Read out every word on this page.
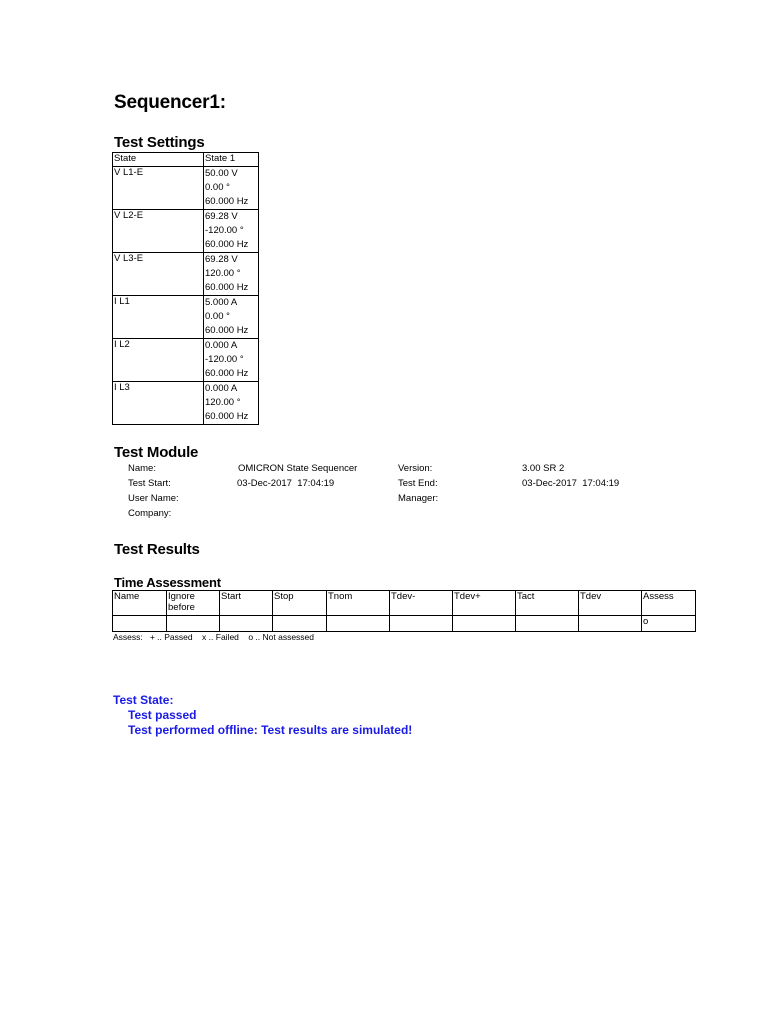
Sequencer1:
Test Settings
State	State 1
V L1-E	50.00 V
0.00 °
60.000 Hz

V L2-E	69.28 V
-120.00 °
60.000 Hz

V L3-E	69.28 V
120.00 °
60.000 Hz

I L1	5.000 A
0.00 °
60.000 Hz

I L2	0.000 A
-120.00 °
60.000 Hz

I L3	0.000 A
120.00 °
60.000 Hz
Test Module
Name:	OMICRON State Sequencer	Version:	3.00 SR 2
Test Start:	03-Dec-2017  17:04:19	Test End:	03-Dec-2017  17:04:19
User Name:	Manager:
Company:
Test Results
Time Assessment
Name	Ignore before	Start	Stop	Tnom	Tdev-	Tdev+	Tact	Tdev	Assess
									o
Assess:   + .. Passed    x .. Failed    o .. Not assessed
Test State:
Test passed
Test performed offline: Test results are simulated!
